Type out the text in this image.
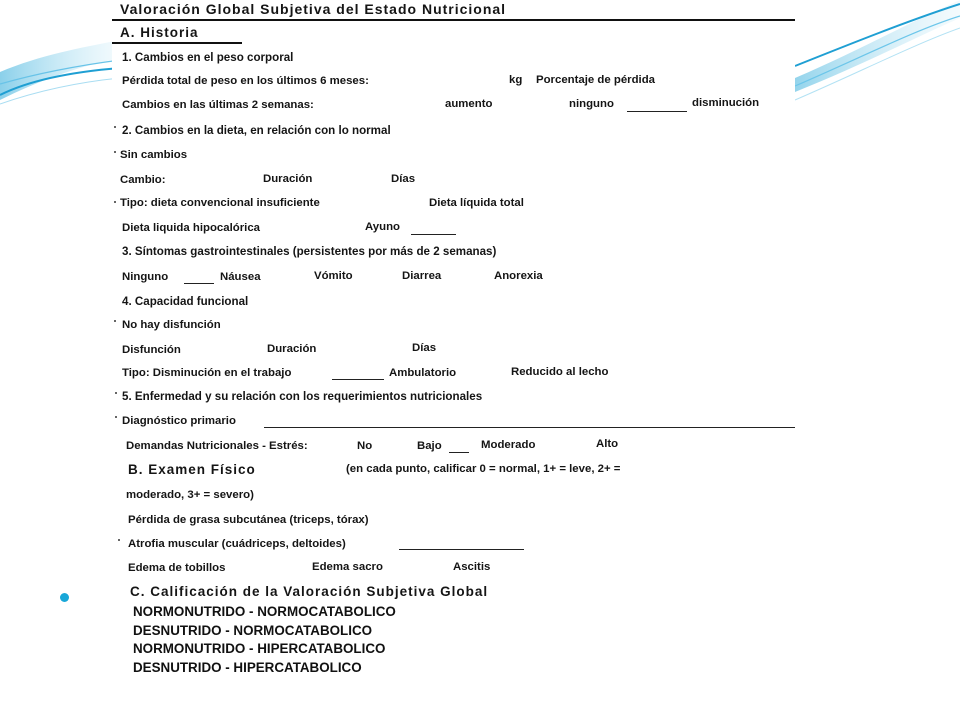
Valoración Global Subjetiva del Estado Nutricional
A. Historia
1. Cambios en el peso corporal
Pérdida total de peso en los últimos 6 meses:	kg Porcentaje de pérdida
Cambios en las últimas 2 semanas:	aumento	ninguno	disminución
2. Cambios en la dieta, en relación con lo normal
Sin cambios
Cambio:	Duración	Días
Tipo: dieta convencional insuficiente	Dieta líquida total
Dieta liquida hipocalórica	Ayuno
3. Síntomas gastrointestinales (persistentes por más de 2 semanas)
Ninguno	Náusea	Vómito	Diarrea	Anorexia
4. Capacidad funcional
No hay disfunción
Disfunción	Duración	Días
Tipo: Disminución en el trabajo	Ambulatorio	Reducido al lecho
5. Enfermedad y su relación con los requerimientos nutricionales
Diagnóstico primario
Demandas Nutricionales - Estrés:	No	Bajo	Moderado	Alto
B. Examen Físico	(en cada punto, calificar 0 = normal, 1+ = leve, 2+ =
moderado, 3+ = severo)
Pérdida de grasa subcutánea (triceps, tórax)
Atrofia muscular (cuádriceps, deltoides)
Edema de tobillos	Edema sacro	Ascitis
C. Calificación de la Valoración Subjetiva Global
NORMONUTRIDO - NORMOCATABOLICO
DESNUTRIDO - NORMOCATABOLICO
NORMONUTRIDO - HIPERCATABOLICO
DESNUTRIDO - HIPERCATABOLICO
